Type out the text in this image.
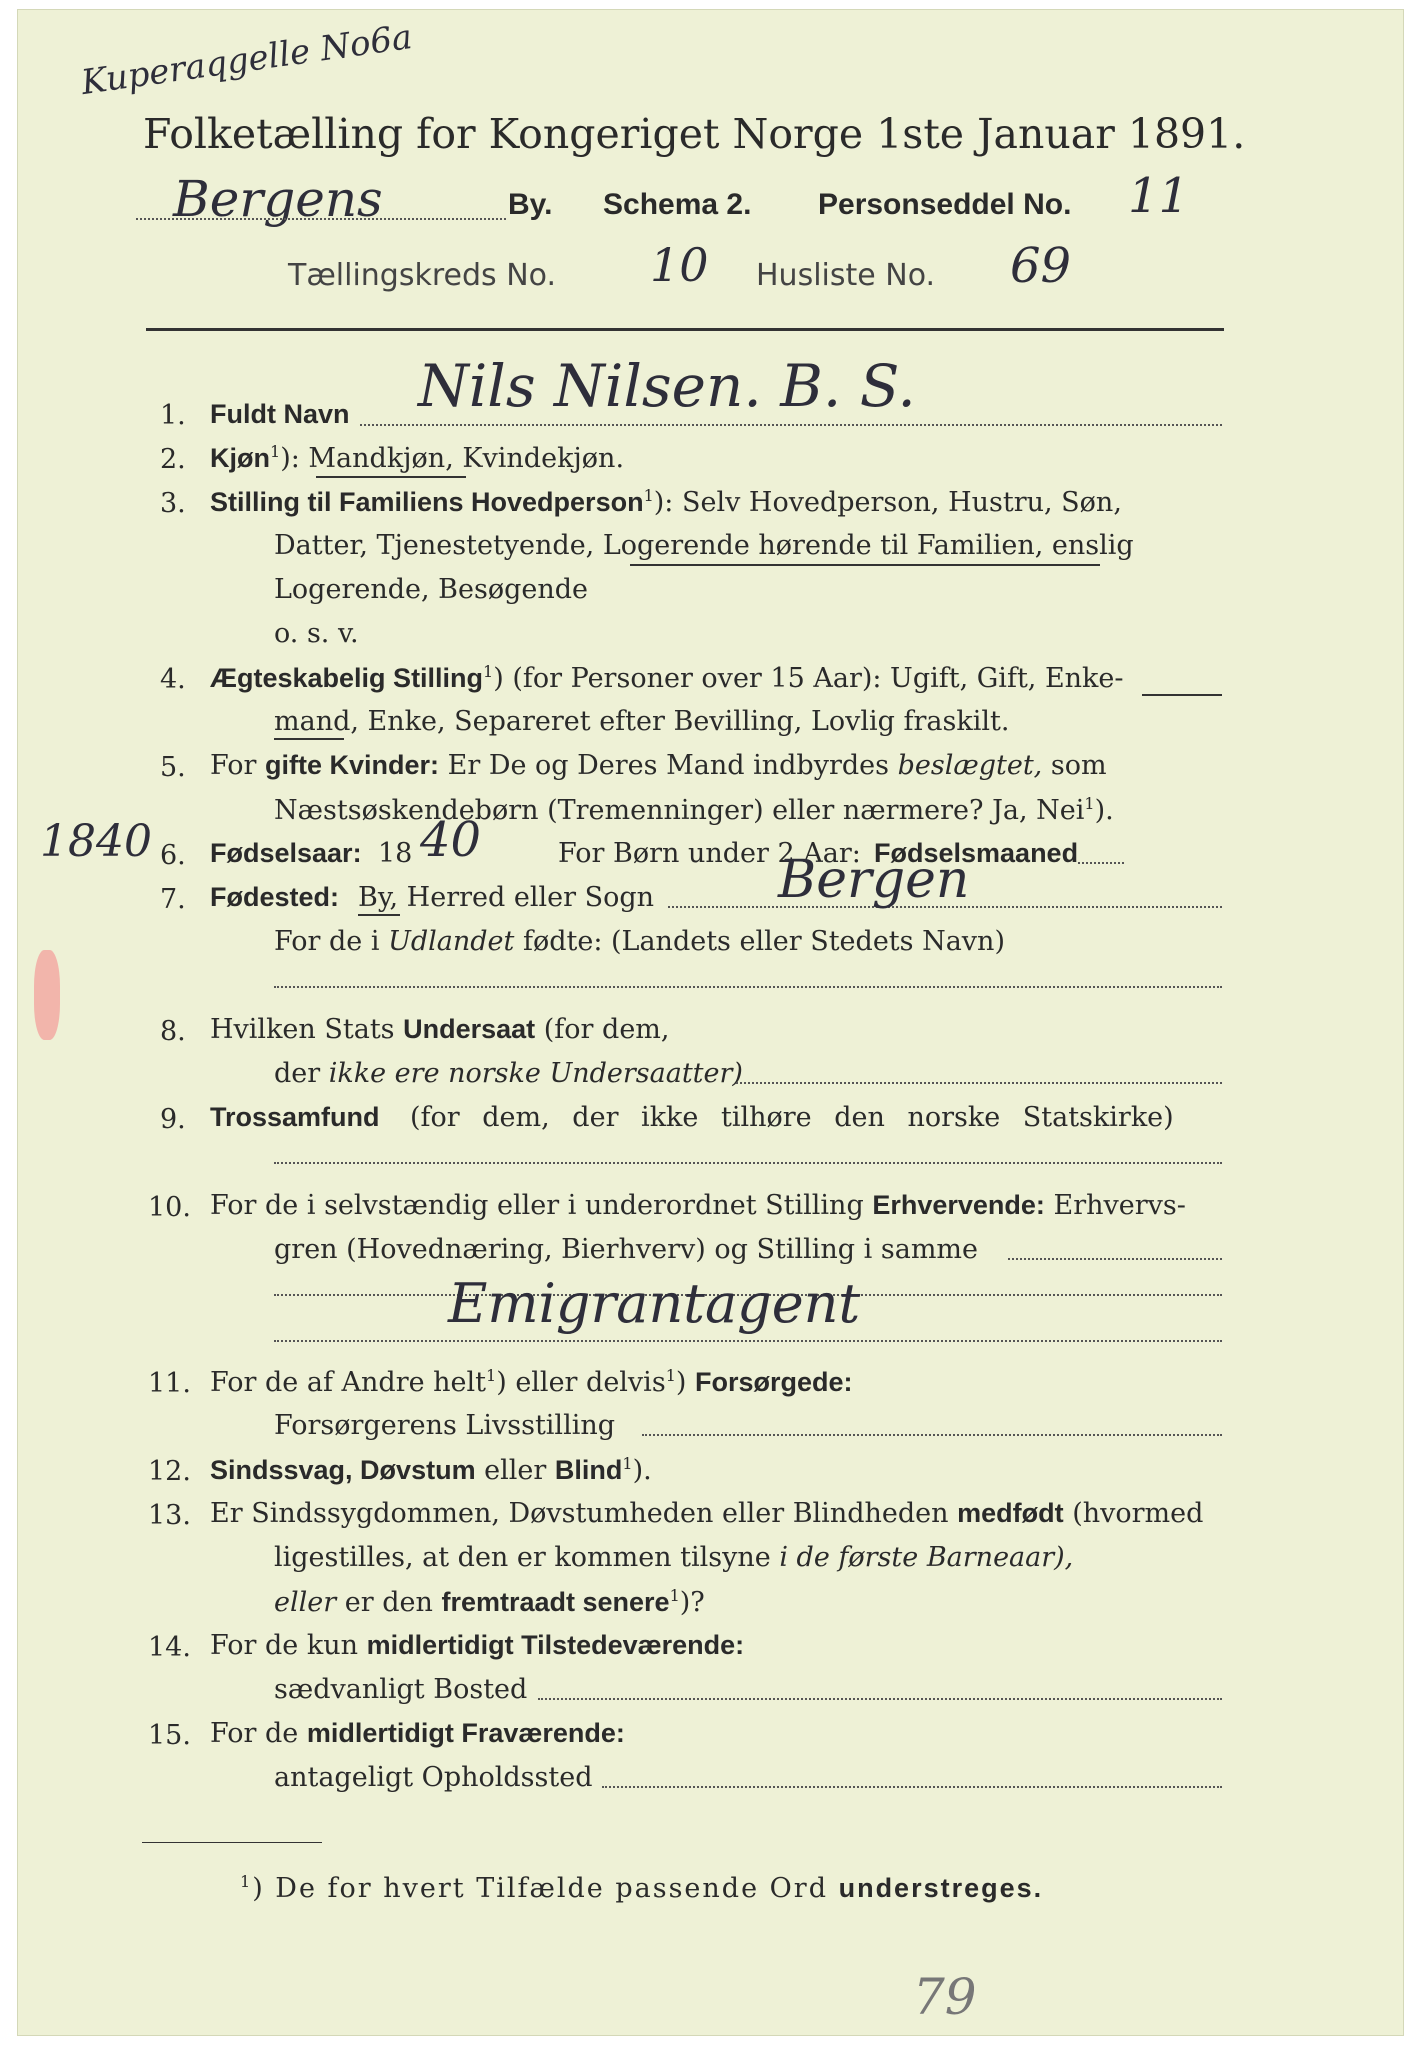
Kuperaqgelle No6a
Folketælling for Kongeriget Norge 1ste Januar 1891.
Bergens	By. Schema 2. Personseddel No. 11
Tællingskreds No. 10 Husliste No. 69
1. Fuldt Navn Nils Nilsen. B. S.
2. Kjøn$^1$): Mandkjøn, Kvindekjøn.
3. Stilling til Familiens Hovedperson$^1$): Selv Hovedperson, Hustru, Søn,
Datter, Tjenestetyende, Logerende hørende til Familien, enslig
Logerende, Besøgende
o. s. v.
4. Ægteskabelig Stilling$^1$) (for Personer over 15 Aar): Ugift, Gift, Enke-
mand, Enke, Separeret efter Bevilling, Lovlig fraskilt.
5. For gifte Kvinder: Er De og Deres Mand indbyrdes beslægtet, som
Næstsøskendebørn (Tremenninger) eller nærmere? Ja, Nei$^1$).
1840 6. Fødselsaar: 18 40	For Børn under 2 Aar: Fødselsmaaned
7. Fødested: By, Herred eller Sogn Bergen
For de i Udlandet fødte: (Landets eller Stedets Navn)
8. Hvilken Stats Undersaat (for dem,
der ikke ere norske Undersaatter)
9. Trossamfund (for dem, der ikke tilhøre den norske Statskirke)
10. For de i selvstændig eller i underordnet Stilling Erhvervende: Erhvervs-
gren (Hovednæring, Bierhverv) og Stilling i samme
Emigrantagent
11. For de af Andre helt$^1$) eller delvis$^1$) Forsørgede:
Forsørgerens Livsstilling
12. Sindssvag, Døvstum eller Blind$^1$).
13. Er Sindssygdommen, Døvstumheden eller Blindheden medfødt (hvormed
ligestilles, at den er kommen tilsyne i de første Barneaar),
eller er den fremtraadt senere$^1$)?
14. For de kun midlertidigt Tilstedeværende:
sædvanligt Bosted
15. For de midlertidigt Fraværende:
antageligt Opholdssted
$^1$) De for hvert Tilfælde passende Ord understreges.
79
